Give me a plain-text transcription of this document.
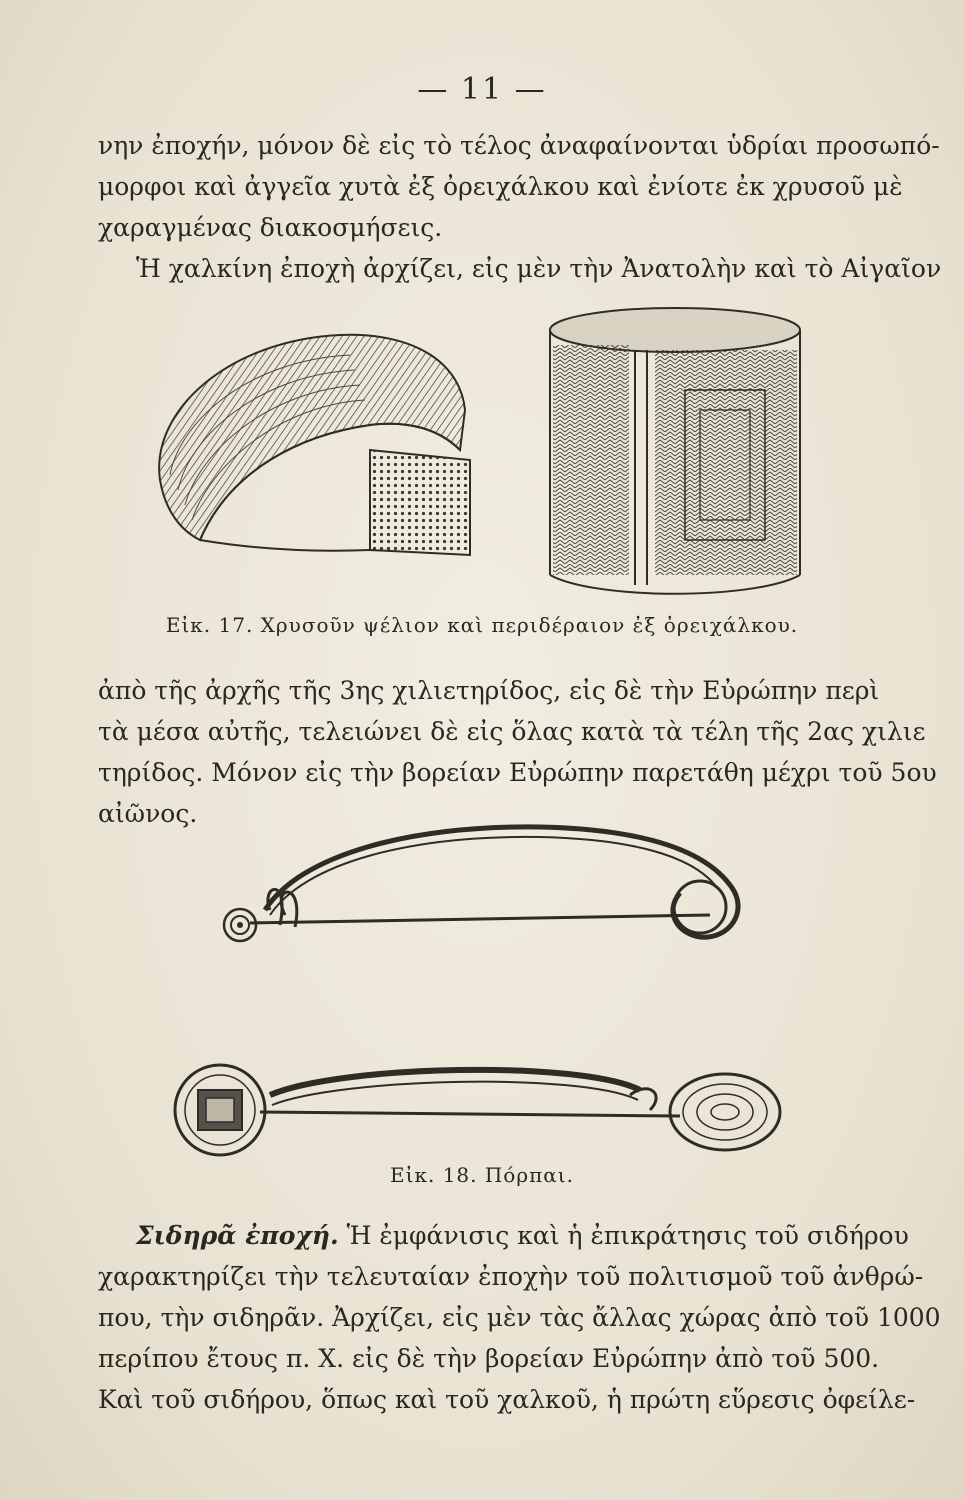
— 11 —
νην ἐποχήν, μόνον δὲ εἰς τὸ τέλος ἀναφαίνονται ὑδρίαι προσωπό-
μορφοι καὶ ἀγγεῖα χυτὰ ἐξ ὀρειχάλκου καὶ ἐνίοτε ἐκ χρυσοῦ μὲ
χαραγμένας διακοσμήσεις.
Ἡ χαλκίνη ἐποχὴ ἀρχίζει, εἰς μὲν τὴν Ἀνατολὴν καὶ τὸ Αἰγαῖον
Εἰκ. 17. Χρυσοῦν ψέλιον καὶ περιδέραιον ἐξ ὀρειχάλκου.
ἀπὸ τῆς ἀρχῆς τῆς 3ης χιλιετηρίδος, εἰς δὲ τὴν Εὐρώπην περὶ
τὰ μέσα αὐτῆς, τελειώνει δὲ εἰς ὅλας κατὰ τὰ τέλη τῆς 2ας χιλιε
τηρίδος. Μόνον εἰς τὴν βορείαν Εὐρώπην παρετάθη μέχρι τοῦ 5ου
αἰῶνος.
Εἰκ. 18. Πόρπαι.
Σιδηρᾶ ἐποχή. Ἡ ἐμφάνισις καὶ ἡ ἐπικράτησις τοῦ σιδήρου
χαρακτηρίζει τὴν τελευταίαν ἐποχὴν τοῦ πολιτισμοῦ τοῦ ἀνθρώ-
που, τὴν σιδηρᾶν. Ἀρχίζει, εἰς μὲν τὰς ἄλλας χώρας ἀπὸ τοῦ 1000
περίπου ἔτους π. Χ. εἰς δὲ τὴν βορείαν Εὐρώπην ἀπὸ τοῦ 500.
Καὶ τοῦ σιδήρου, ὅπως καὶ τοῦ χαλκοῦ, ἡ πρώτη εὕρεσις ὀφείλε-
